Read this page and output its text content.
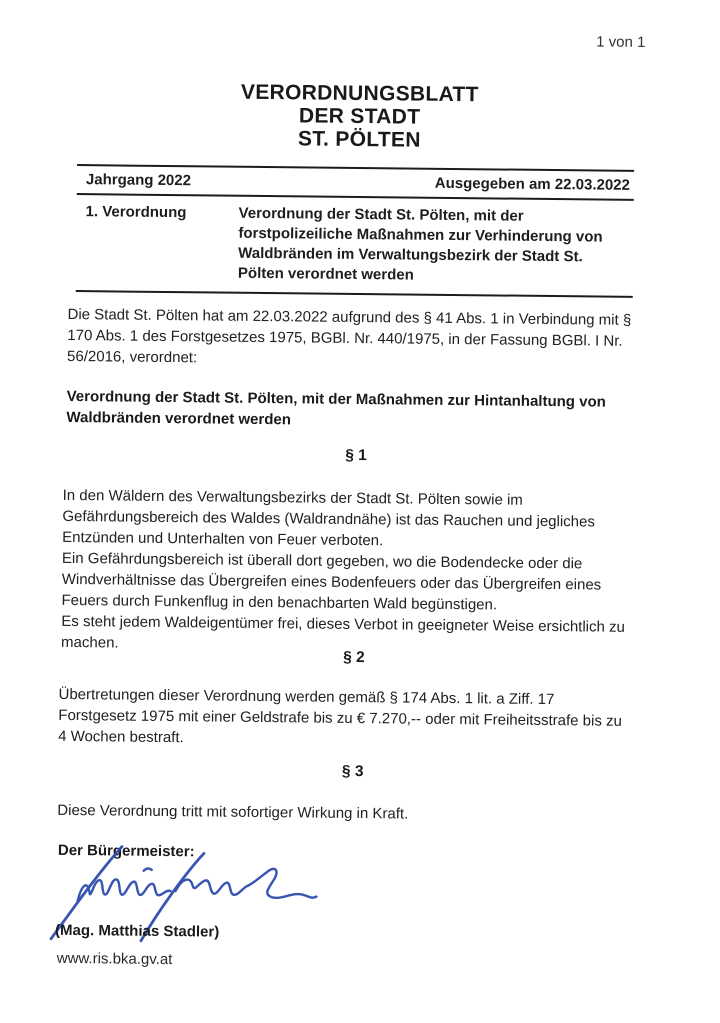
1 von 1
VERORDNUNGSBLATT
DER STADT
ST. PÖLTEN
Jahrgang 2022	Ausgegeben am 22.03.2022
1. Verordnung	Verordnung der Stadt St. Pölten, mit der
forstpolizeiliche Maßnahmen zur Verhinderung von
Waldbränden im Verwaltungsbezirk der Stadt St.
Pölten verordnet werden
Die Stadt St. Pölten hat am 22.03.2022 aufgrund des § 41 Abs. 1 in Verbindung mit §
170 Abs. 1 des Forstgesetzes 1975, BGBl. Nr. 440/1975, in der Fassung BGBl. I Nr.
56/2016, verordnet:
Verordnung der Stadt St. Pölten, mit der Maßnahmen zur Hintanhaltung von
Waldbränden verordnet werden
§ 1
In den Wäldern des Verwaltungsbezirks der Stadt St. Pölten sowie im
Gefährdungsbereich des Waldes (Waldrandnähe) ist das Rauchen und jegliches
Entzünden und Unterhalten von Feuer verboten.
Ein Gefährdungsbereich ist überall dort gegeben, wo die Bodendecke oder die
Windverhältnisse das Übergreifen eines Bodenfeuers oder das Übergreifen eines
Feuers durch Funkenflug in den benachbarten Wald begünstigen.
Es steht jedem Waldeigentümer frei, dieses Verbot in geeigneter Weise ersichtlich zu
machen.
§ 2
Übertretungen dieser Verordnung werden gemäß § 174 Abs. 1 lit. a Ziff. 17
Forstgesetz 1975 mit einer Geldstrafe bis zu € 7.270,-- oder mit Freiheitsstrafe bis zu
4 Wochen bestraft.
§ 3
Diese Verordnung tritt mit sofortiger Wirkung in Kraft.
Der Bürgermeister:
(Mag. Matthias Stadler)
www.ris.bka.gv.at
